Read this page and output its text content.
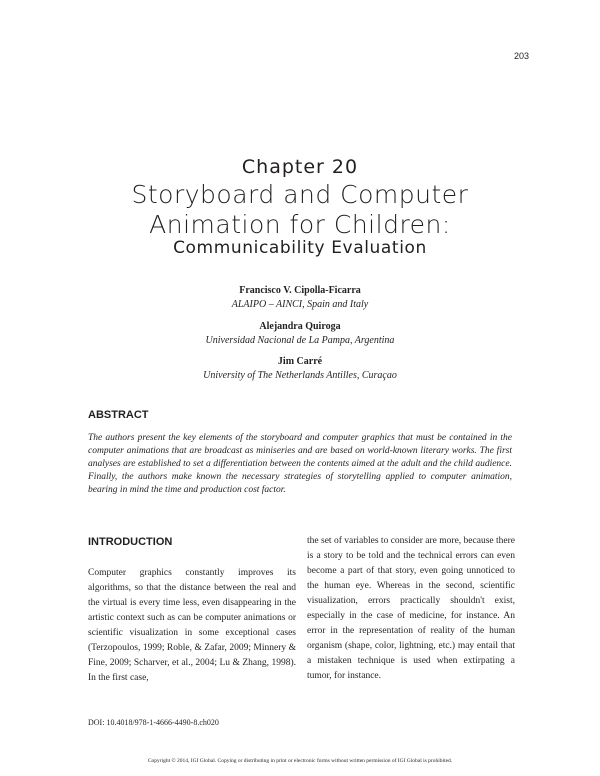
203
Chapter 20
Storyboard and Computer
Animation for Children:
Communicability Evaluation
Francisco V. Cipolla-Ficarra
ALAIPO – AINCI, Spain and Italy
Alejandra Quiroga
Universidad Nacional de La Pampa, Argentina
Jim Carré
University of The Netherlands Antilles, Curaçao
ABSTRACT
The authors present the key elements of the storyboard and computer graphics that must be contained in the computer animations that are broadcast as miniseries and are based on world-known literary works. The first analyses are established to set a differentiation between the contents aimed at the adult and the child audience. Finally, the authors make known the necessary strategies of storytelling applied to computer animation, bearing in mind the time and production cost factor.
INTRODUCTION
Computer graphics constantly improves its algorithms, so that the distance between the real and the virtual is every time less, even disappearing in the artistic context such as can be computer animations or scientific visualization in some exceptional cases (Terzopoulos, 1999; Roble, & Zafar, 2009; Minnery & Fine, 2009; Scharver, et al., 2004; Lu & Zhang, 1998). In the first case,
the set of variables to consider are more, because there is a story to be told and the technical errors can even become a part of that story, even going unnoticed to the human eye. Whereas in the second, scientific visualization, errors practically shouldn't exist, especially in the case of medicine, for instance. An error in the representation of reality of the human organism (shape, color, lightning, etc.) may entail that a mistaken technique is used when extirpating a tumor, for instance.
DOI: 10.4018/978-1-4666-4490-8.ch020
Copyright © 2014, IGI Global. Copying or distributing in print or electronic forms without written permission of IGI Global is prohibited.
